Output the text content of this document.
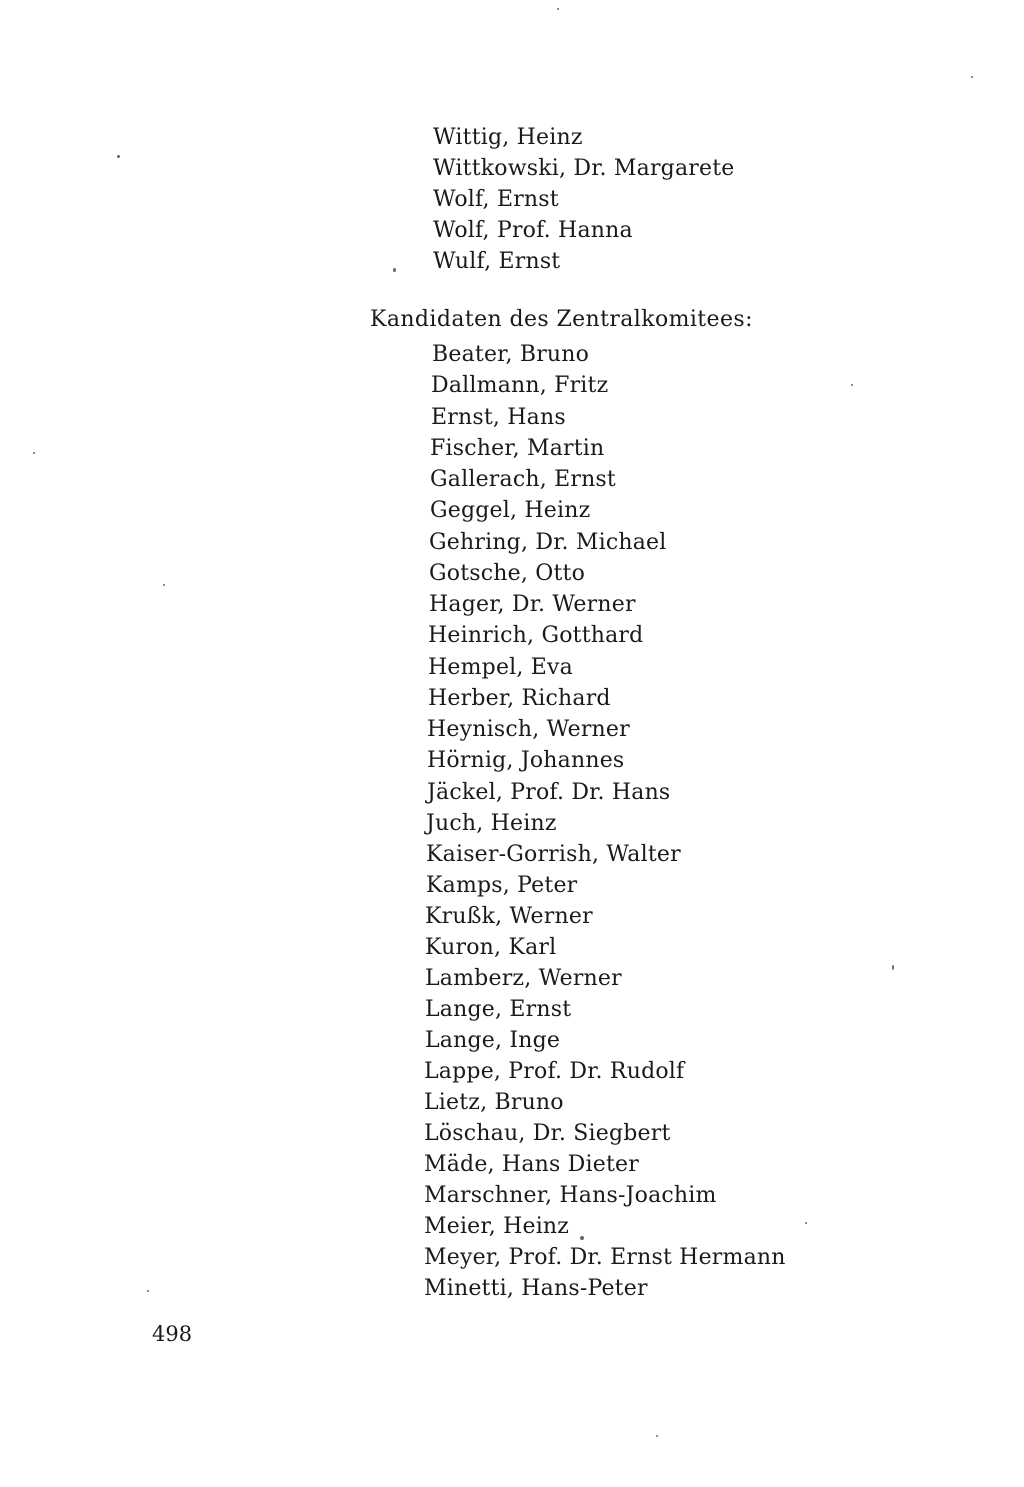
Wittig, Heinz
Wittkowski, Dr. Margarete
Wolf, Ernst
Wolf, Prof. Hanna
Wulf, Ernst
Kandidaten des Zentralkomitees:
Beater, Bruno
Dallmann, Fritz
Ernst, Hans
Fischer, Martin
Gallerach, Ernst
Geggel, Heinz
Gehring, Dr. Michael
Gotsche, Otto
Hager, Dr. Werner
Heinrich, Gotthard
Hempel, Eva
Herber, Richard
Heynisch, Werner
Hörnig, Johannes
Jäckel, Prof. Dr. Hans
Juch, Heinz
Kaiser-Gorrish, Walter
Kamps, Peter
Krußk, Werner
Kuron, Karl
Lamberz, Werner
Lange, Ernst
Lange, Inge
Lappe, Prof. Dr. Rudolf
Lietz, Bruno
Löschau, Dr. Siegbert
Mäde, Hans Dieter
Marschner, Hans-Joachim
Meier, Heinz
Meyer, Prof. Dr. Ernst Hermann
Minetti, Hans-Peter
498
